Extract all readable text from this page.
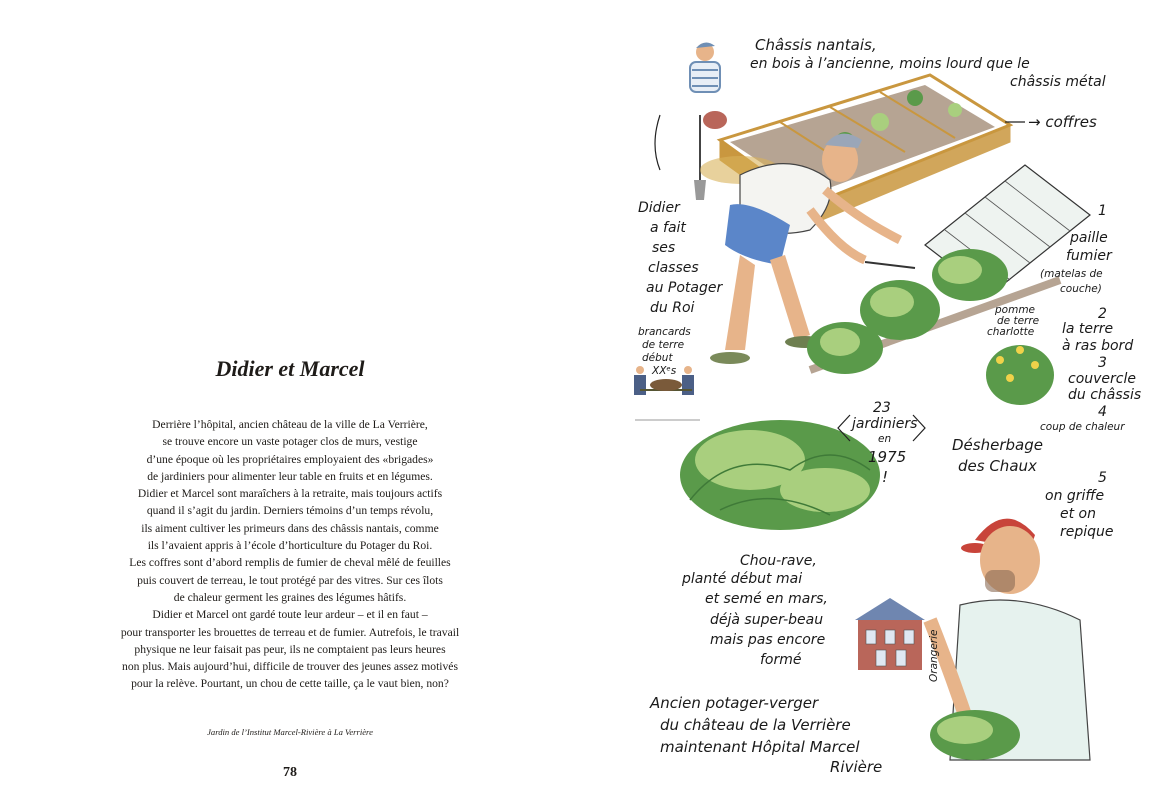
Didier et Marcel
Derrière l’hôpital, ancien château de la ville de La Verrière,
se trouve encore un vaste potager clos de murs, vestige
d’une époque où les propriétaires employaient des «brigades»
de jardiniers pour alimenter leur table en fruits et en légumes.
Didier et Marcel sont maraîchers à la retraite, mais toujours actifs
quand il s’agit du jardin. Derniers témoins d’un temps révolu,
ils aiment cultiver les primeurs dans des châssis nantais, comme
ils l’avaient appris à l’école d’horticulture du Potager du Roi.
Les coffres sont d’abord remplis de fumier de cheval mêlé de feuilles
puis couvert de terreau, le tout protégé par des vitres. Sur ces îlots
de chaleur germent les graines des légumes hâtifs.
Didier et Marcel ont gardé toute leur ardeur – et il en faut –
pour transporter les brouettes de terreau et de fumier. Autrefois, le travail
physique ne leur faisait pas peur, ils ne comptaient pas leurs heures
non plus. Mais aujourd’hui, difficile de trouver des jeunes assez motivés
pour la relève. Pourtant, un chou de cette taille, ça le vaut bien, non?
Jardin de l’Institut Marcel-Rivière à La Verrière
78
Châssis nantais,
en bois à l’ancienne, moins lourd que le
châssis métal
→ coffres
Didier
a fait
ses
classes
au Potager
du Roi
brancards
de terre
début
XXᵉs
1
paille
fumier
(matelas de
couche)
2
la terre
à ras bord
3
couvercle
du châssis
4
coup de chaleur
5
on griffe
et on
repique
pomme
de terre
charlotte
23
jardiniers
en
1975
!
Désherbage
des Chaux
Chou-rave,
planté début mai
et semé en mars,
déjà super-beau
mais pas encore
formé	Orangerie
Ancien potager-verger
du château de la Verrière
maintenant Hôpital Marcel
Rivière
